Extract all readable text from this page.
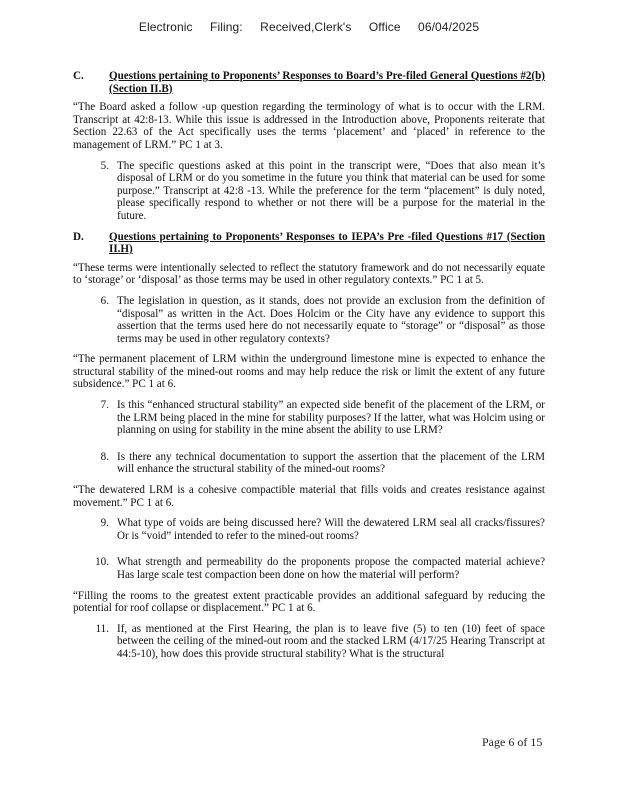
Electronic Filing: Received,Clerk's Office 06/04/2025
C.	Questions pertaining to Proponents’ Responses to Board’s Pre-filed General Questions #2(b) (Section II.B)

“The Board asked a follow -up question regarding the terminology of what is to occur with the LRM. Transcript at 42:8-13. While this issue is addressed in the Introduction above, Proponents reiterate that Section 22.63 of the Act specifically uses the terms ‘placement’ and ‘placed’ in reference to the management of LRM.” PC 1 at 3.

5. The specific questions asked at this point in the transcript were, “Does that also mean it’s disposal of LRM or do you sometime in the future you think that material can be used for some purpose.” Transcript at 42:8 -13. While the preference for the term “placement” is duly noted, please specifically respond to whether or not there will be a purpose for the material in the future.
D.	Questions pertaining to Proponents’ Responses to IEPA’s Pre -filed Questions #17 (Section II.H)

“These terms were intentionally selected to reflect the statutory framework and do not necessarily equate to ‘storage’ or ‘disposal’ as those terms may be used in other regulatory contexts.” PC 1 at 5.

6. The legislation in question, as it stands, does not provide an exclusion from the definition of “disposal” as written in the Act. Does Holcim or the City have any evidence to support this assertion that the terms used here do not necessarily equate to “storage” or “disposal” as those terms may be used in other regulatory contexts?

“The permanent placement of LRM within the underground limestone mine is expected to enhance the structural stability of the mined-out rooms and may help reduce the risk or limit the extent of any future subsidence.” PC 1 at 6.

7. Is this “enhanced structural stability” an expected side benefit of the placement of the LRM, or the LRM being placed in the mine for stability purposes? If the latter, what was Holcim using or planning on using for stability in the mine absent the ability to use LRM?
8. Is there any technical documentation to support the assertion that the placement of the LRM will enhance the structural stability of the mined-out rooms?

“The dewatered LRM is a cohesive compactible material that fills voids and creates resistance against movement.” PC 1 at 6.

9. What type of voids are being discussed here? Will the dewatered LRM seal all cracks/fissures? Or is “void” intended to refer to the mined-out rooms?
10. What strength and permeability do the proponents propose the compacted material achieve? Has large scale test compaction been done on how the material will perform?

“Filling the rooms to the greatest extent practicable provides an additional safeguard by reducing the potential for roof collapse or displacement.” PC 1 at 6.

11. If, as mentioned at the First Hearing, the plan is to leave five (5) to ten (10) feet of space between the ceiling of the mined-out room and the stacked LRM (4/17/25 Hearing Transcript at 44:5-10), how does this provide structural stability? What is the structural
Page 6 of 15
